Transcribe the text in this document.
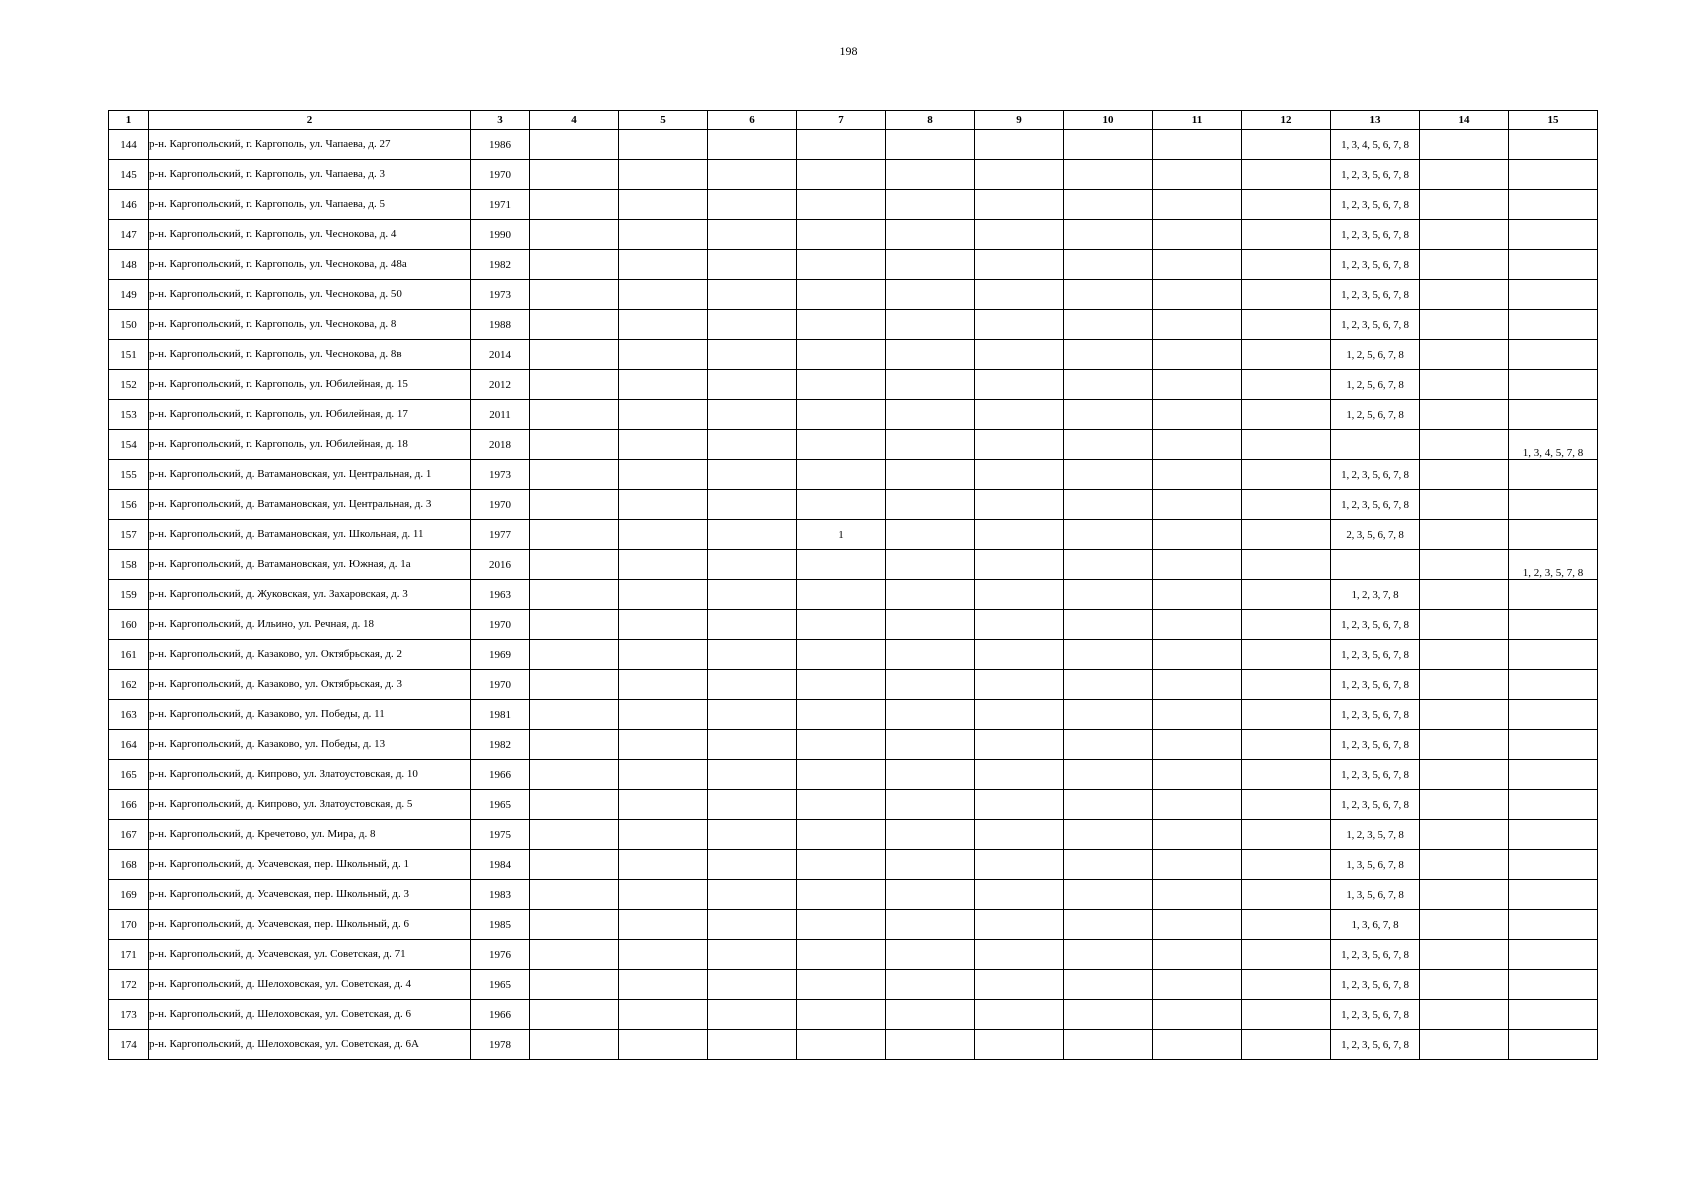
198
1	2	3	4	5	6	7	8	9	10	11	12	13	14	15
144	р-н. Каргопольский, г. Каргополь, ул. Чапаева, д. 27	1986										1, 3, 4, 5, 6, 7, 8		
145	р-н. Каргопольский, г. Каргополь, ул. Чапаева, д. 3	1970										1, 2, 3, 5, 6, 7, 8		
146	р-н. Каргопольский, г. Каргополь, ул. Чапаева, д. 5	1971										1, 2, 3, 5, 6, 7, 8		
147	р-н. Каргопольский, г. Каргополь, ул. Чеснокова, д. 4	1990										1, 2, 3, 5, 6, 7, 8		
148	р-н. Каргопольский, г. Каргополь, ул. Чеснокова, д. 48а	1982										1, 2, 3, 5, 6, 7, 8		
149	р-н. Каргопольский, г. Каргополь, ул. Чеснокова, д. 50	1973										1, 2, 3, 5, 6, 7, 8		
150	р-н. Каргопольский, г. Каргополь, ул. Чеснокова, д. 8	1988										1, 2, 3, 5, 6, 7, 8		
151	р-н. Каргопольский, г. Каргополь, ул. Чеснокова, д. 8в	2014										1, 2, 5, 6, 7, 8		
152	р-н. Каргопольский, г. Каргополь, ул. Юбилейная, д. 15	2012										1, 2, 5, 6, 7, 8		
153	р-н. Каргопольский, г. Каргополь, ул. Юбилейная, д. 17	2011										1, 2, 5, 6, 7, 8		
154	р-н. Каргопольский, г. Каргополь, ул. Юбилейная, д. 18	2018												1, 3, 4, 5, 7, 8
155	р-н. Каргопольский, д. Ватамановская, ул. Центральная, д. 1	1973										1, 2, 3, 5, 6, 7, 8		
156	р-н. Каргопольский, д. Ватамановская, ул. Центральная, д. 3	1970										1, 2, 3, 5, 6, 7, 8		
157	р-н. Каргопольский, д. Ватамановская, ул. Школьная, д. 11	1977				1						2, 3, 5, 6, 7, 8		
158	р-н. Каргопольский, д. Ватамановская, ул. Южная, д. 1а	2016												1, 2, 3, 5, 7, 8
159	р-н. Каргопольский, д. Жуковская, ул. Захаровская, д. 3	1963										1, 2, 3, 7, 8		
160	р-н. Каргопольский, д. Ильино, ул. Речная, д. 18	1970										1, 2, 3, 5, 6, 7, 8		
161	р-н. Каргопольский, д. Казаково, ул. Октябрьская, д. 2	1969										1, 2, 3, 5, 6, 7, 8		
162	р-н. Каргопольский, д. Казаково, ул. Октябрьская, д. 3	1970										1, 2, 3, 5, 6, 7, 8		
163	р-н. Каргопольский, д. Казаково, ул. Победы, д. 11	1981										1, 2, 3, 5, 6, 7, 8		
164	р-н. Каргопольский, д. Казаково, ул. Победы, д. 13	1982										1, 2, 3, 5, 6, 7, 8		
165	р-н. Каргопольский, д. Кипрово, ул. Златоустовская, д. 10	1966										1, 2, 3, 5, 6, 7, 8		
166	р-н. Каргопольский, д. Кипрово, ул. Златоустовская, д. 5	1965										1, 2, 3, 5, 6, 7, 8		
167	р-н. Каргопольский, д. Кречетово, ул. Мира, д. 8	1975										1, 2, 3, 5, 7, 8		
168	р-н. Каргопольский, д. Усачевская, пер. Школьный, д. 1	1984										1, 3, 5, 6, 7, 8		
169	р-н. Каргопольский, д. Усачевская, пер. Школьный, д. 3	1983										1, 3, 5, 6, 7, 8		
170	р-н. Каргопольский, д. Усачевская, пер. Школьный, д. 6	1985										1, 3, 6, 7, 8		
171	р-н. Каргопольский, д. Усачевская, ул. Советская, д. 71	1976										1, 2, 3, 5, 6, 7, 8		
172	р-н. Каргопольский, д. Шелоховская, ул. Советская, д. 4	1965										1, 2, 3, 5, 6, 7, 8		
173	р-н. Каргопольский, д. Шелоховская, ул. Советская, д. 6	1966										1, 2, 3, 5, 6, 7, 8		
174	р-н. Каргопольский, д. Шелоховская, ул. Советская, д. 6А	1978										1, 2, 3, 5, 6, 7, 8		
